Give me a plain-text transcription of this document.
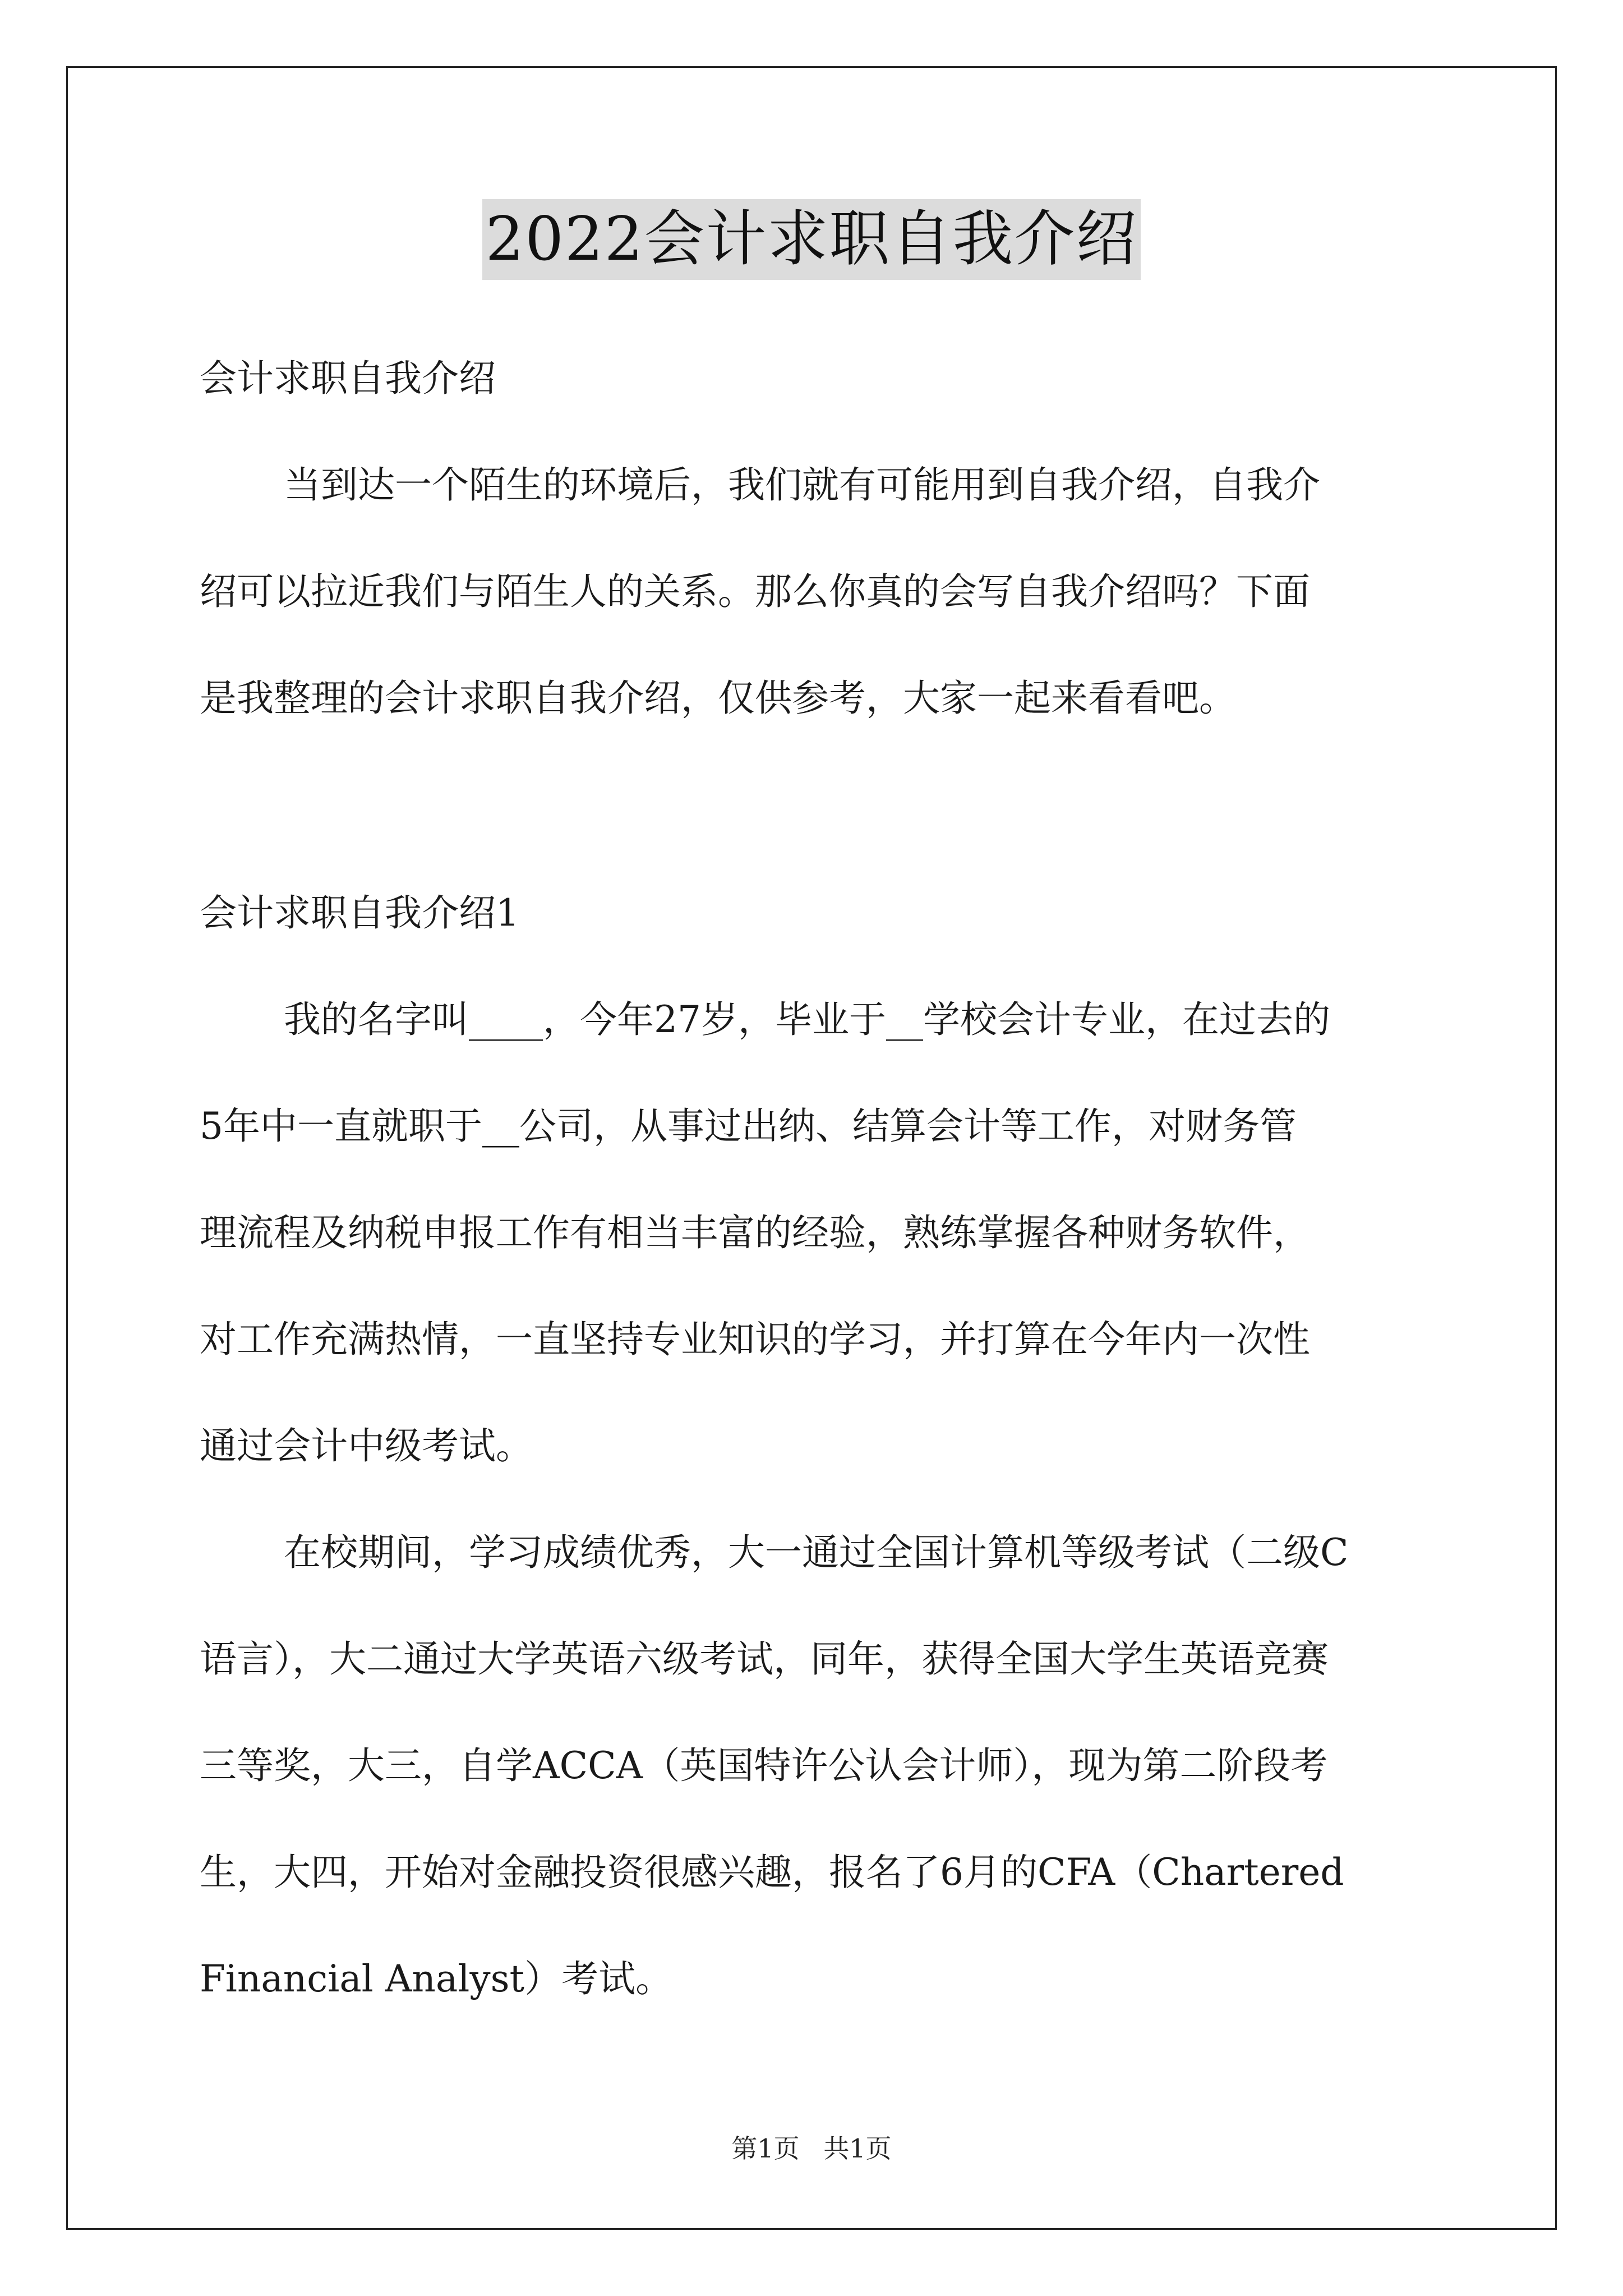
2022会计求职自我介绍
会计求职自我介绍
当到达一个陌生的环境后，我们就有可能用到自我介绍，自我介
绍可以拉近我们与陌生人的关系。那么你真的会写自我介绍吗？下面
是我整理的会计求职自我介绍，仅供参考，大家一起来看看吧。
会计求职自我介绍1
我的名字叫____，今年27岁，毕业于__学校会计专业，在过去的
5年中一直就职于__公司，从事过出纳、结算会计等工作，对财务管
理流程及纳税申报工作有相当丰富的经验，熟练掌握各种财务软件，
对工作充满热情，一直坚持专业知识的学习，并打算在今年内一次性
通过会计中级考试。
在校期间，学习成绩优秀，大一通过全国计算机等级考试（二级C
语言），大二通过大学英语六级考试，同年，获得全国大学生英语竞赛
三等奖，大三，自学ACCA（英国特许公认会计师），现为第二阶段考
生，大四，开始对金融投资很感兴趣，报名了6月的CFA（Chartered
Financial Analyst）考试。
第1页 共1页
